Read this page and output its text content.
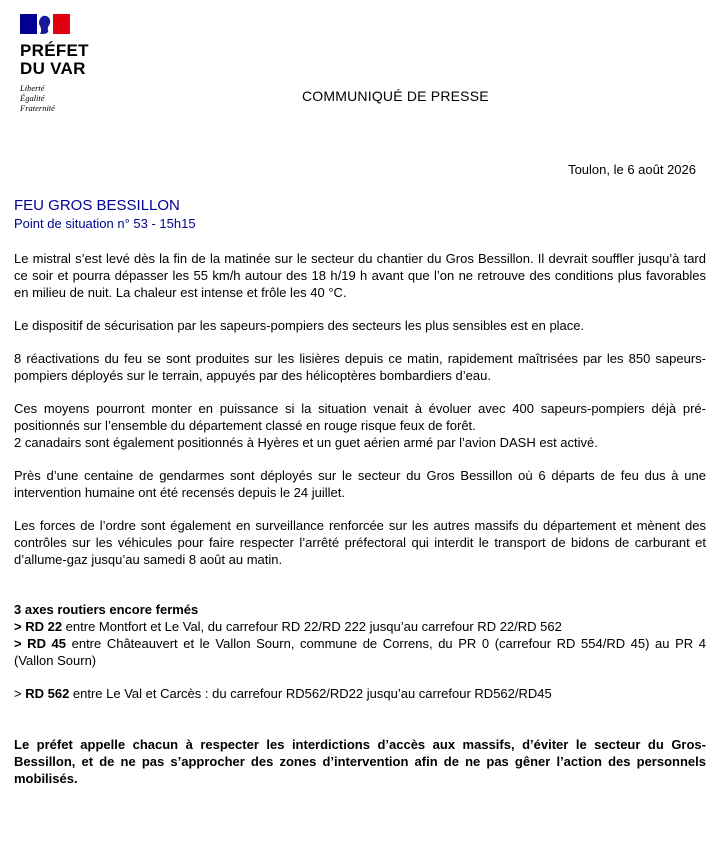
PRÉFET
DU VAR
Liberté
Égalité
Fraternité
COMMUNIQUÉ DE PRESSE
Toulon, le 6 août 2026
FEU GROS BESSILLON
Point de situation n° 53 - 15h15

Le mistral s’est levé dès la fin de la matinée sur le secteur du chantier du Gros Bessillon. Il devrait souffler jusqu’à tard ce soir et pourra dépasser les 55 km/h autour des 18 h/19 h avant que l’on ne retrouve des conditions plus favorables en milieu de nuit. La chaleur est intense et frôle les 40 °C.

Le dispositif de sécurisation par les sapeurs-pompiers des secteurs les plus sensibles est en place.

8 réactivations du feu se sont produites sur les lisières depuis ce matin, rapidement maîtrisées par les 850 sapeurs-pompiers déployés sur le terrain, appuyés par des hélicoptères bombardiers d’eau.

Ces moyens pourront monter en puissance si la situation venait à évoluer avec 400 sapeurs-pompiers déjà pré-positionnés sur l’ensemble du département classé en rouge risque feux de forêt.

2 canadairs sont également positionnés à Hyères et un guet aérien armé par l’avion DASH est activé.

Près d’une centaine de gendarmes sont déployés sur le secteur du Gros Bessillon où 6 départs de feu dus à une intervention humaine ont été recensés depuis le 24 juillet.

Les forces de l’ordre sont également en surveillance renforcée sur les autres massifs du département et mènent des contrôles sur les véhicules pour faire respecter l’arrêté préfectoral qui interdit le transport de bidons de carburant et d’allume-gaz jusqu’au samedi 8 août au matin.

3 axes routiers encore fermés

> RD 22 entre Montfort et Le Val, du carrefour RD 22/RD 222 jusqu’au carrefour RD 22/RD 562

> RD 45 entre Châteauvert et le Vallon Sourn, commune de Correns, du PR 0 (carrefour RD 554/RD 45) au PR 4 (Vallon Sourn)

> RD 562 entre Le Val et Carcès : du carrefour RD562/RD22 jusqu’au carrefour RD562/RD45

Le préfet appelle chacun à respecter les interdictions d’accès aux massifs, d’éviter le secteur du Gros-Bessillon, et de ne pas s’approcher des zones d’intervention afin de ne pas gêner l’action des personnels mobilisés.
